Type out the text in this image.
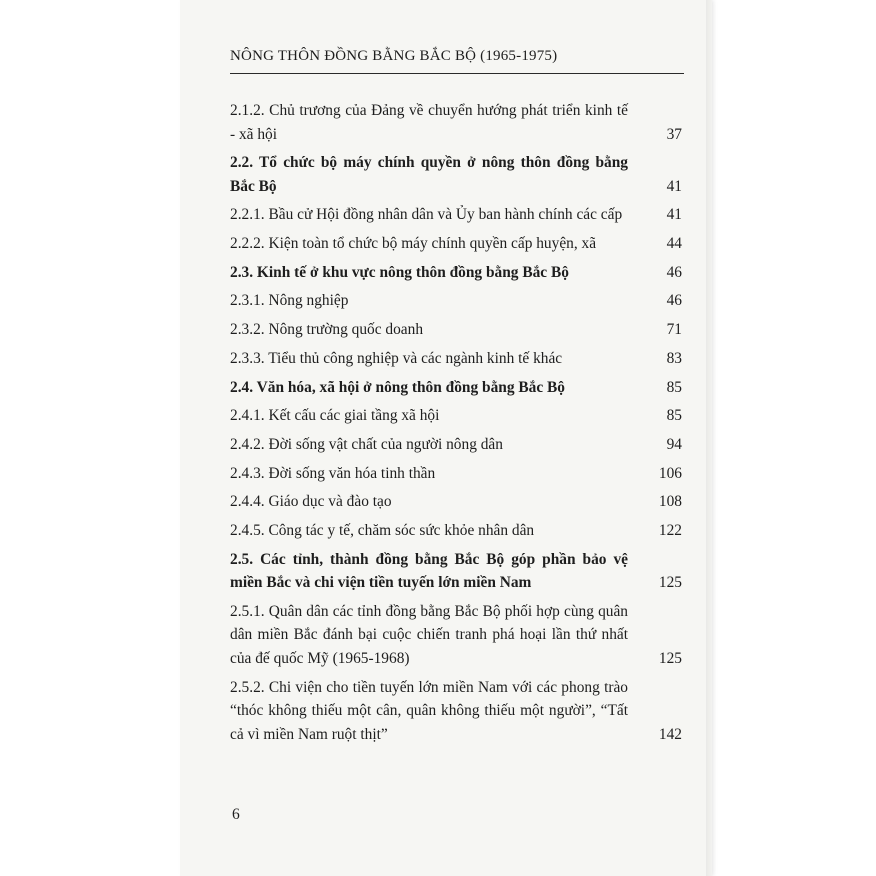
NÔNG THÔN ĐỒNG BẰNG BẮC BỘ (1965-1975)
2.1.2. Chủ trương của Đảng về chuyển hướng phát triển kinh tế - xã hội	37
2.2. Tổ chức bộ máy chính quyền ở nông thôn đồng bằng Bắc Bộ	41
2.2.1. Bầu cử Hội đồng nhân dân và Ủy ban hành chính các cấp	41
2.2.2. Kiện toàn tổ chức bộ máy chính quyền cấp huyện, xã	44
2.3. Kinh tế ở khu vực nông thôn đồng bằng Bắc Bộ	46
2.3.1. Nông nghiệp	46
2.3.2. Nông trường quốc doanh	71
2.3.3. Tiểu thủ công nghiệp và các ngành kinh tế khác	83
2.4. Văn hóa, xã hội ở nông thôn đồng bằng Bắc Bộ	85
2.4.1. Kết cấu các giai tầng xã hội	85
2.4.2. Đời sống vật chất của người nông dân	94
2.4.3. Đời sống văn hóa tinh thần	106
2.4.4. Giáo dục và đào tạo	108
2.4.5. Công tác y tế, chăm sóc sức khỏe nhân dân	122
2.5. Các tỉnh, thành đồng bằng Bắc Bộ góp phần bảo vệ miền Bắc và chi viện tiền tuyến lớn miền Nam	125
2.5.1. Quân dân các tỉnh đồng bằng Bắc Bộ phối hợp cùng quân dân miền Bắc đánh bại cuộc chiến tranh phá hoại lần thứ nhất của đế quốc Mỹ (1965-1968)	125
2.5.2. Chi viện cho tiền tuyến lớn miền Nam với các phong trào “thóc không thiếu một cân, quân không thiếu một người”, “Tất cả vì miền Nam ruột thịt”	142
6
